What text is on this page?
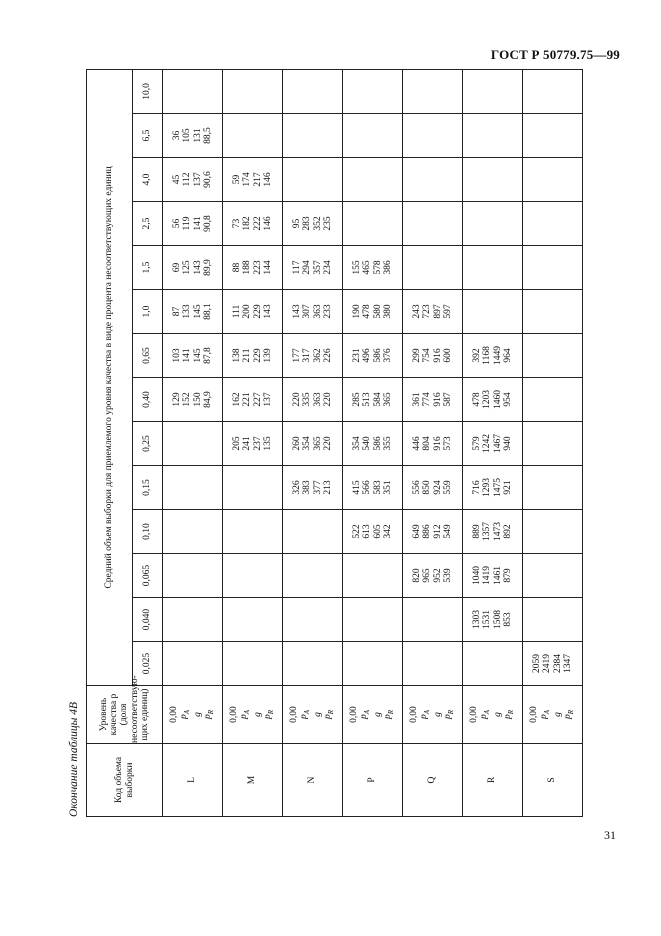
ГОСТ Р 50779.75—99
31
Окончание таблицы 4В	Код объема выборки	Уровень качества p (доля несоответствую-щих единиц)	Средний объем выборки для приемлемого уровня качества в виде процента несоответствующих единиц													
		0,025	0,040	0,065	0,10	0,15	0,25	0,40	0,65	1,0	1,5	2,5	4,0	6,5	10,0
L	0,00 $p_A$ g $p_R$							129 152 150 84,9	103 141 145 87,8	87 133 145 88,1	69 125 143 89,9	56 119 141 90,8	45 112 137 90,6	36 105 131 88,5	

M	0,00 $p_A$ g $p_R$						205 241 237 135	162 221 227 137	138 211 229 139	111 200 229 143	88 188 223 144	73 182 222 146	59 174 217 146		

N	0,00 $p_A$ g $p_R$					326 383 377 213	260 354 365 220	220 335 363 220	177 317 362 226	143 307 363 233	117 294 357 234	95 283 352 235			

P	0,00 $p_A$ g $p_R$				522 613 605 342	415 566 583 351	354 540 586 355	285 513 584 365	231 496 586 376	190 478 580 380	155 465 578 386				

Q	0,00 $p_A$ g $p_R$			820 965 952 539	649 886 912 549	556 850 924 559	446 804 916 573	361 774 916 587	299 754 916 600	243 723 897 597					

R	0,00 $p_A$ g $p_R$		1303 1531 1508 853	1040 1419 1461 879	889 1357 1473 892	716 1293 1475 921	579 1242 1467 940	478 1203 1460 954	392 1168 1449 964						

S	0,00 $p_A$ g $p_R$	2059 2419 2384 1347													
